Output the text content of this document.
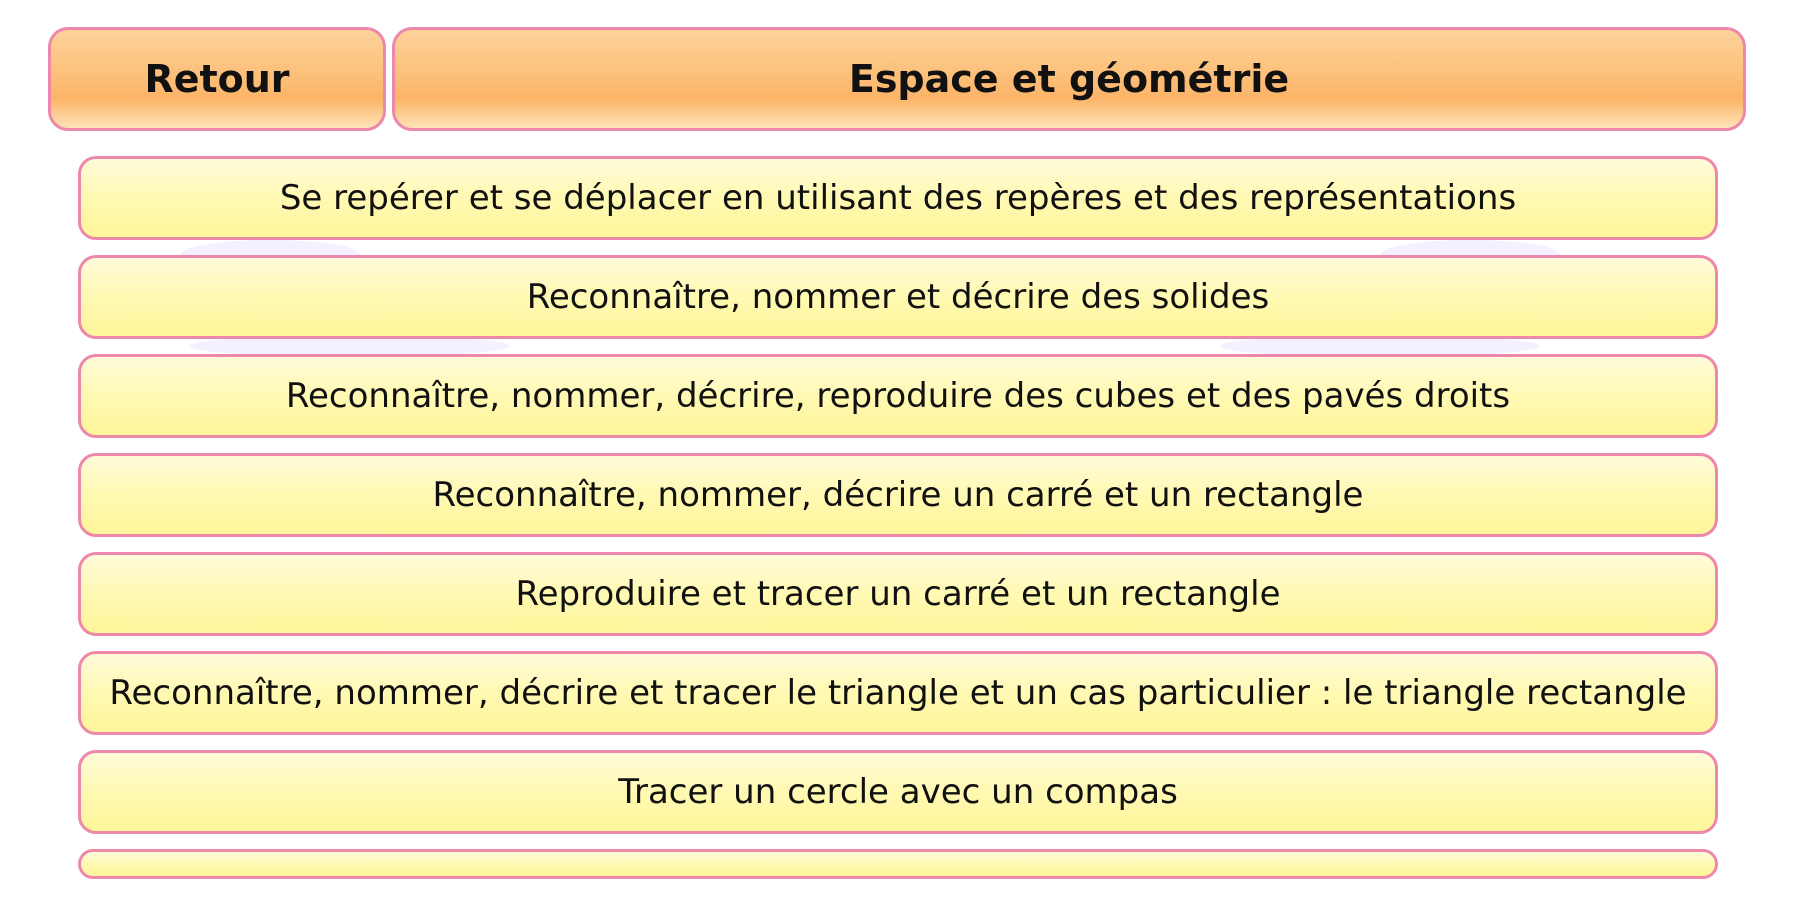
Retour	Espace et géométrie
Se repérer et se déplacer en utilisant des repères et des représentations
Reconnaître, nommer et décrire des solides
Reconnaître, nommer, décrire, reproduire des cubes et des pavés droits
Reconnaître, nommer, décrire un carré et un rectangle
Reproduire et tracer un carré et un rectangle
Reconnaître, nommer, décrire et tracer le triangle et un cas particulier : le triangle rectangle
Tracer un cercle avec un compas
